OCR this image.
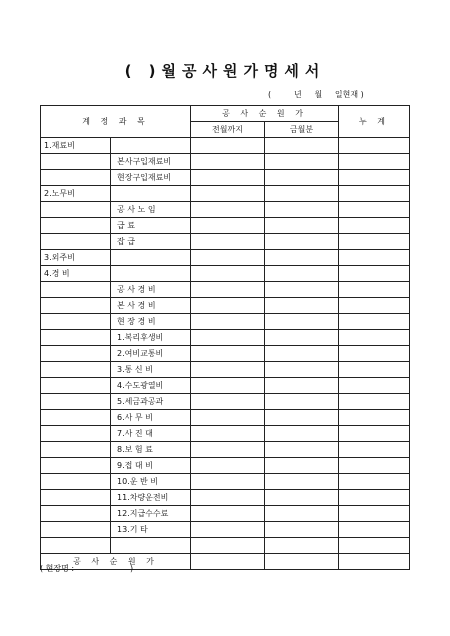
( )월공사원가명세서
(         년     월     일현재 )
계 정 과 목		공 사 순 원 가		누 계
		전월까지	금월분	
1.재료비				
	본사구입재료비			
	현장구입재료비			
2.노무비				
	공 사 노 임			
	급 료			
	잡 급			
3.외주비				
4.경 비				
	공 사 경 비			
	본 사 경 비			
	현 장 경 비			
	1.복리후생비			
	2.여비교통비			
	3.통 신 비			
	4.수도광열비			
	5.세금과공과			
	6.사 무 비			
	7.사 진 대			
	8.보 험 료			
	9.접 대 비			
	10.운 반 비			
	11.차량운전비			
	12.지급수수료			
	13.기 타			

공 사 순 원 가				
( 현장명 :                      )
